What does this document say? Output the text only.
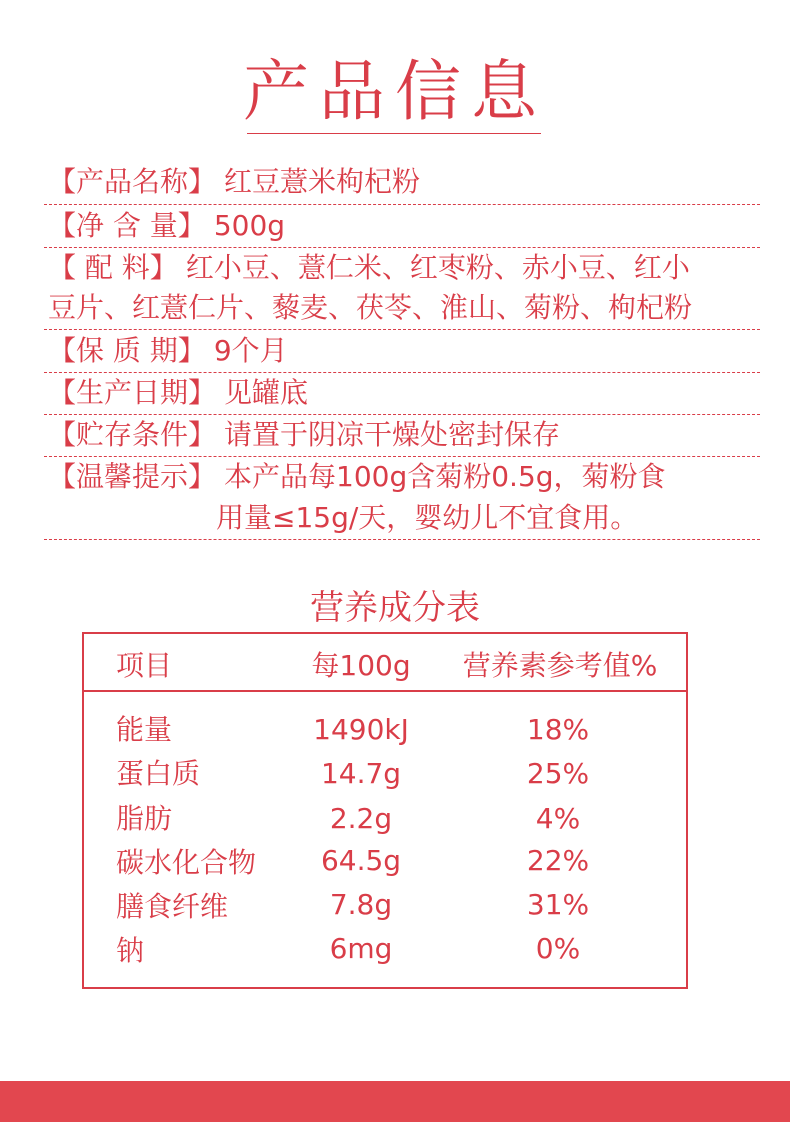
产品信息
【产品名称】 红豆薏米枸杞粉
【净 含 量】 500g
【 配 料】 红小豆、薏仁米、红枣粉、赤小豆、红小
豆片、红薏仁片、藜麦、茯苓、淮山、菊粉、枸杞粉
【保 质 期】 9个月
【生产日期】 见罐底
【贮存条件】 请置于阴凉干燥处密封保存
【温馨提示】 本产品每100g含菊粉0.5g，菊粉食
用量≤15g/天，婴幼儿不宜食用。
营养成分表
项目	每100g	营养素参考值%
能量	1490kJ	18%
蛋白质	14.7g	25%
脂肪	2.2g	4%
碳水化合物	64.5g	22%
膳食纤维	7.8g	31%
钠	6mg	0%
